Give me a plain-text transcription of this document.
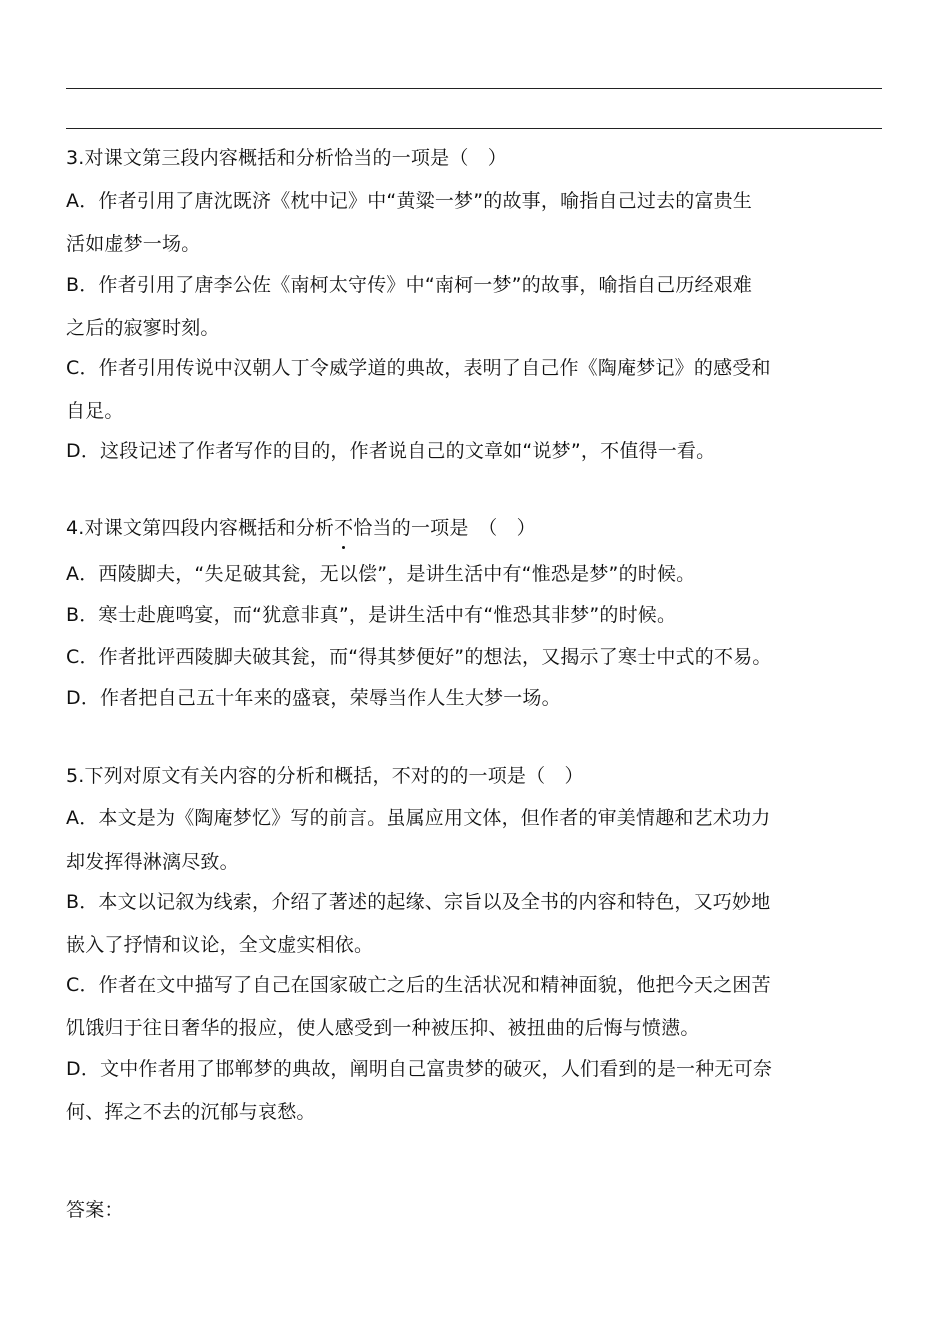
3.对课文第三段内容概括和分析恰当的一项是（　）
A．作者引用了唐沈既济《枕中记》中“黄粱一梦”的故事，喻指自己过去的富贵生
活如虚梦一场。
B．作者引用了唐李公佐《南柯太守传》中“南柯一梦”的故事，喻指自己历经艰难
之后的寂寥时刻。
C．作者引用传说中汉朝人丁令威学道的典故，表明了自己作《陶庵梦记》的感受和
自足。
D．这段记述了作者写作的目的，作者说自己的文章如“说梦”，不值得一看。
4.对课文第四段内容概括和分析不恰当的一项是　（　）
A．西陵脚夫，“失足破其瓮，无以偿”，是讲生活中有“惟恐是梦”的时候。
B．寒士赴鹿鸣宴，而“犹意非真”，是讲生活中有“惟恐其非梦”的时候。
C．作者批评西陵脚夫破其瓮，而“得其梦便好”的想法，又揭示了寒士中式的不易。
D．作者把自己五十年来的盛衰，荣辱当作人生大梦一场。
5.下列对原文有关内容的分析和概括，不对的的一项是（　）
A．本文是为《陶庵梦忆》写的前言。虽属应用文体，但作者的审美情趣和艺术功力
却发挥得淋漓尽致。
B．本文以记叙为线索，介绍了著述的起缘、宗旨以及全书的内容和特色，又巧妙地
嵌入了抒情和议论，全文虚实相依。
C．作者在文中描写了自己在国家破亡之后的生活状况和精神面貌，他把今天之困苦
饥饿归于往日奢华的报应，使人感受到一种被压抑、被扭曲的后悔与愤懑。
D．文中作者用了邯郸梦的典故，阐明自己富贵梦的破灭，人们看到的是一种无可奈
何、挥之不去的沉郁与哀愁。
答案：
